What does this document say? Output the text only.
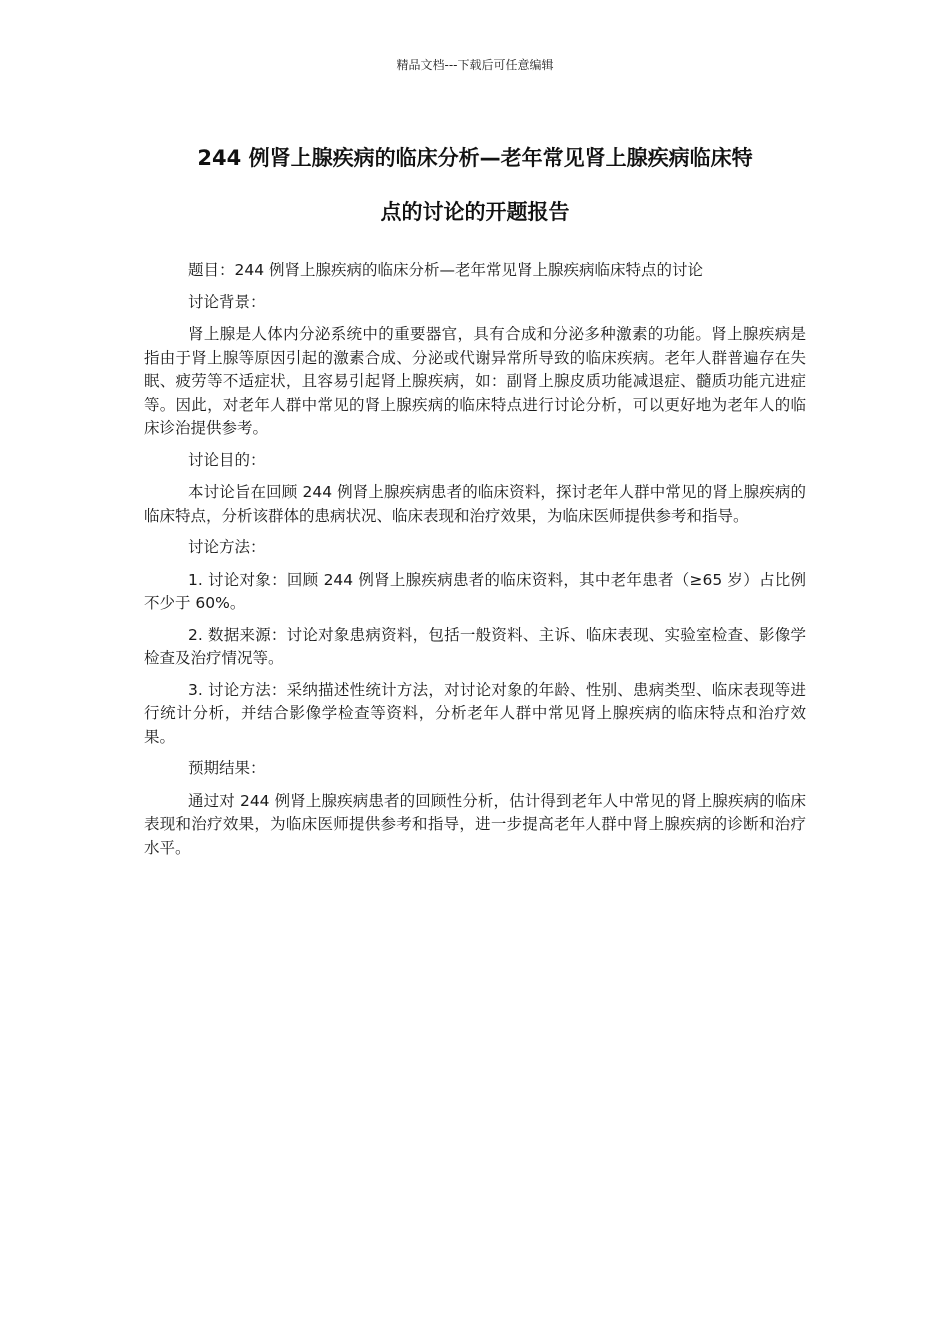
精品文档---下载后可任意编辑
244 例肾上腺疾病的临床分析—老年常见肾上腺疾病临床特
点的讨论的开题报告

题目：244 例肾上腺疾病的临床分析—老年常见肾上腺疾病临床特点的讨论

讨论背景：

肾上腺是人体内分泌系统中的重要器官，具有合成和分泌多种激素的功能。肾上腺疾病是指由于肾上腺等原因引起的激素合成、分泌或代谢异常所导致的临床疾病。老年人群普遍存在失眠、疲劳等不适症状，且容易引起肾上腺疾病，如：副肾上腺皮质功能减退症、髓质功能亢进症等。因此，对老年人群中常见的肾上腺疾病的临床特点进行讨论分析，可以更好地为老年人的临床诊治提供参考。

讨论目的：

本讨论旨在回顾 244 例肾上腺疾病患者的临床资料，探讨老年人群中常见的肾上腺疾病的临床特点，分析该群体的患病状况、临床表现和治疗效果，为临床医师提供参考和指导。

讨论方法：

1. 讨论对象：回顾 244 例肾上腺疾病患者的临床资料，其中老年患者（≥65 岁）占比例不少于 60%。

2. 数据来源：讨论对象患病资料，包括一般资料、主诉、临床表现、实验室检查、影像学检查及治疗情况等。

3. 讨论方法：采纳描述性统计方法，对讨论对象的年龄、性别、患病类型、临床表现等进行统计分析，并结合影像学检查等资料，分析老年人群中常见肾上腺疾病的临床特点和治疗效果。

预期结果：

通过对 244 例肾上腺疾病患者的回顾性分析，估计得到老年人中常见的肾上腺疾病的临床表现和治疗效果，为临床医师提供参考和指导，进一步提高老年人群中肾上腺疾病的诊断和治疗水平。
